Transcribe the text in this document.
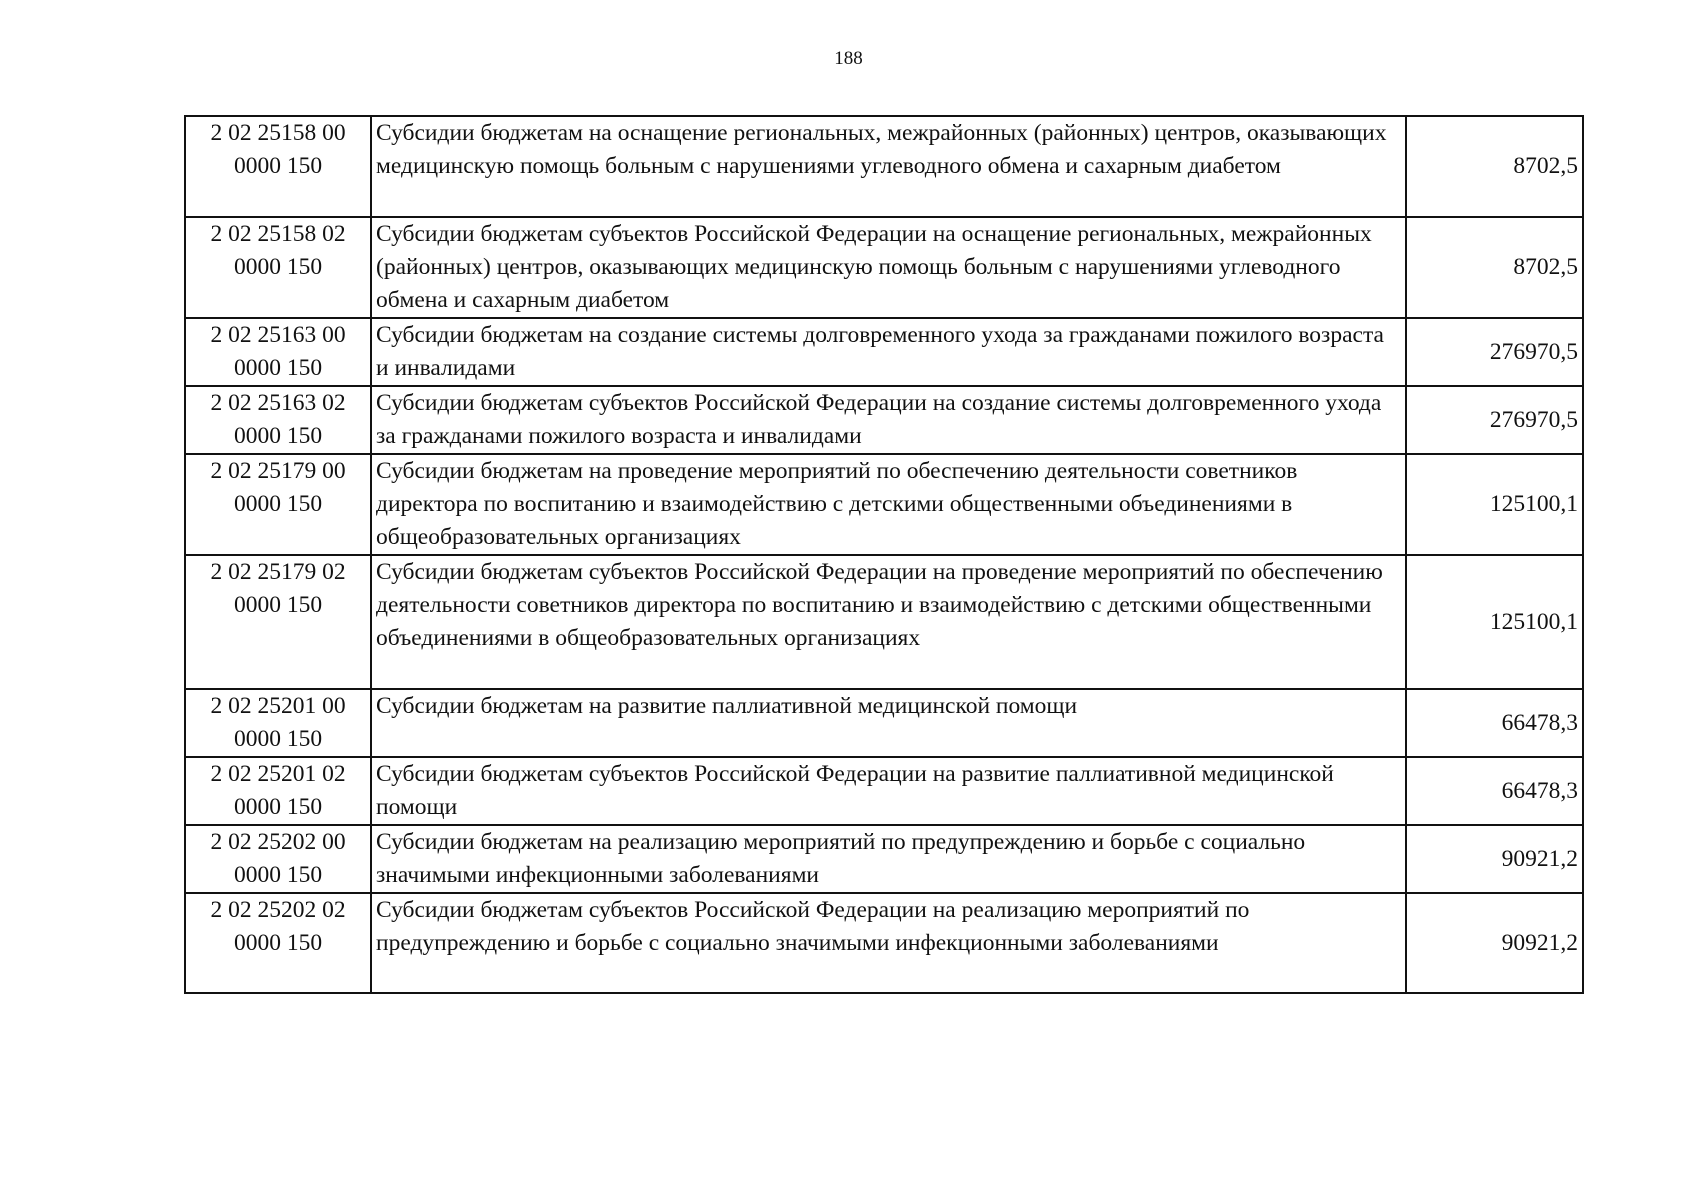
188
2 02 25158 00
0000 150	Субсидии бюджетам на оснащение региональных, межрайонных (районных) центров, оказывающих медицинскую помощь больным с нарушениями углеводного обмена и сахарным диабетом	8702,5

2 02 25158 02
0000 150	Субсидии бюджетам субъектов Российской Федерации на оснащение региональных, межрайонных (районных) центров, оказывающих медицинскую помощь больным с нарушениями углеводного обмена и сахарным диабетом	8702,5

2 02 25163 00
0000 150	Субсидии бюджетам на создание системы долговременного ухода за гражданами пожилого возраста и инвалидами	276970,5

2 02 25163 02
0000 150	Субсидии бюджетам субъектов Российской Федерации на создание системы долговременного ухода за гражданами пожилого возраста и инвалидами	276970,5

2 02 25179 00
0000 150	Субсидии бюджетам на проведение мероприятий по обеспечению деятельности советников директора по воспитанию и взаимодействию с детскими общественными объединениями в общеобразовательных организациях	125100,1

2 02 25179 02
0000 150	Субсидии бюджетам субъектов Российской Федерации на проведение мероприятий по обеспечению деятельности советников директора по воспитанию и взаимодействию с детскими общественными объединениями в общеобразовательных организациях	125100,1

2 02 25201 00
0000 150	Субсидии бюджетам на развитие паллиативной медицинской помощи	66478,3

2 02 25201 02
0000 150	Субсидии бюджетам субъектов Российской Федерации на развитие паллиативной медицинской помощи	66478,3

2 02 25202 00
0000 150	Субсидии бюджетам на реализацию мероприятий по предупреждению и борьбе с социально значимыми инфекционными заболеваниями	90921,2

2 02 25202 02
0000 150	Субсидии бюджетам субъектов Российской Федерации на реализацию мероприятий по предупреждению и борьбе с социально значимыми инфекционными заболеваниями	90921,2
